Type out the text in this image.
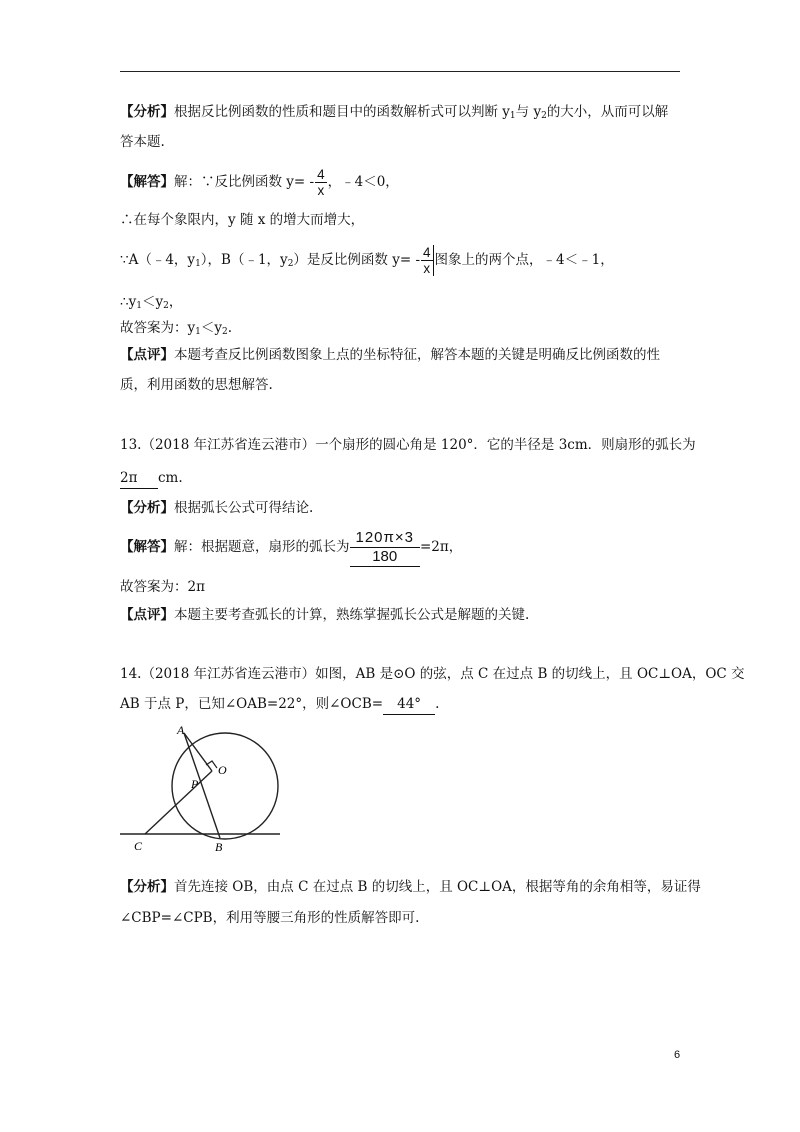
【分析】根据反比例函数的性质和题目中的函数解析式可以判断 $y_1$与 $y_2$的大小，从而可以解
答本题.
【解答】解：∵反比例函数 $y= - \frac{4}{x}$ ，﹣4＜0，
∴在每个象限内，y 随 x 的增大而增大，
∵A（﹣4，$y_1$），B（﹣1，$y_2$）是反比例函数 $y= - \frac{4}{x}$ 图象上的两个点，﹣4＜﹣1，
$\therefore y_1<y_2$，
故答案为：$y_1<y_2$.
【点评】本题考查反比例函数图象上点的坐标特征，解答本题的关键是明确反比例函数的性
质，利用函数的思想解答.
13.（2018 年江苏省连云港市）一个扇形的圆心角是 120°．它的半径是 3cm．则扇形的弧长为
2π cm.
【分析】根据弧长公式可得结论.
【解答】解：根据题意，扇形的弧长为 $\frac{120\pi\times 3}{180} =2\pi$，
故答案为：2π
【点评】本题主要考查弧长的计算，熟练掌握弧长公式是解题的关键.
14.（2018 年江苏省连云港市）如图，AB 是⊙O 的弦，点 C 在过点 B 的切线上，且 OC⊥OA，OC 交
AB 于点 P，已知∠OAB=22°，则∠OCB= 44° .
A
O
P
C	B
【分析】首先连接 OB，由点 C 在过点 B 的切线上，且 OC⊥OA，根据等角的余角相等，易证得
∠CBP=∠CPB，利用等腰三角形的性质解答即可.
6
